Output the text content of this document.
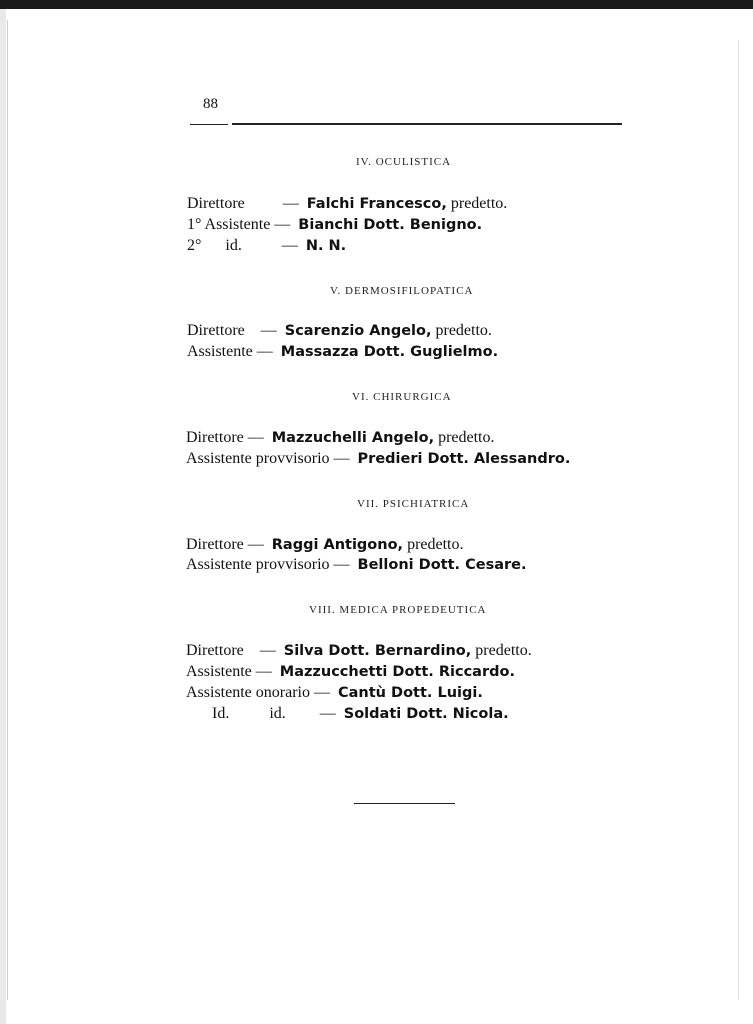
88
IV. OCULISTICA
Direttore — Falchi Francesco, predetto.
1° Assistente — Bianchi Dott. Benigno.
2°      id.	— N. N.
V. DERMOSIFILOPATICA
Direttore — Scarenzio Angelo, predetto.
Assistente — Massazza Dott. Guglielmo.
VI. CHIRURGICA
Direttore — Mazzuchelli Angelo, predetto.
Assistente provvisorio — Predieri Dott. Alessandro.
VII. PSICHIATRICA
Direttore — Raggi Antigono, predetto.
Assistente provvisorio — Belloni Dott. Cesare.
VIII. MEDICA PROPEDEUTICA
Direttore — Silva Dott. Bernardino, predetto.
Assistente — Mazzucchetti Dott. Riccardo.
Assistente onorario — Cantù Dott. Luigi.
Id.          id. — Soldati Dott. Nicola.
